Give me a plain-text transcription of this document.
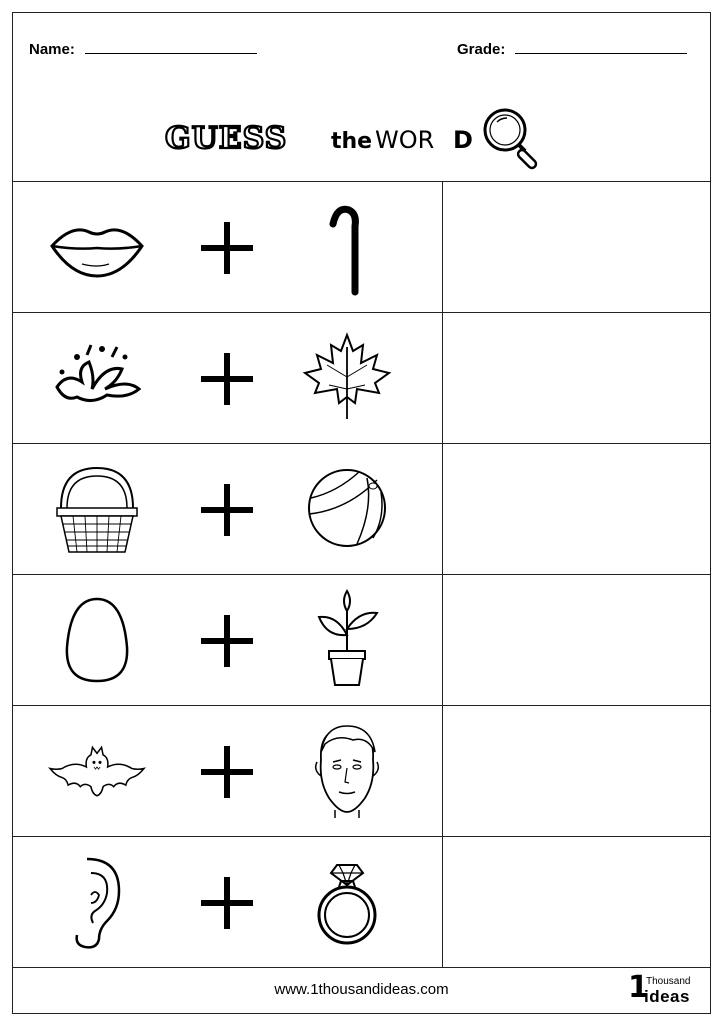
Name:	Grade:
GUESS the WOR D
www.1thousandideas.com	1
Thousand
ideas
